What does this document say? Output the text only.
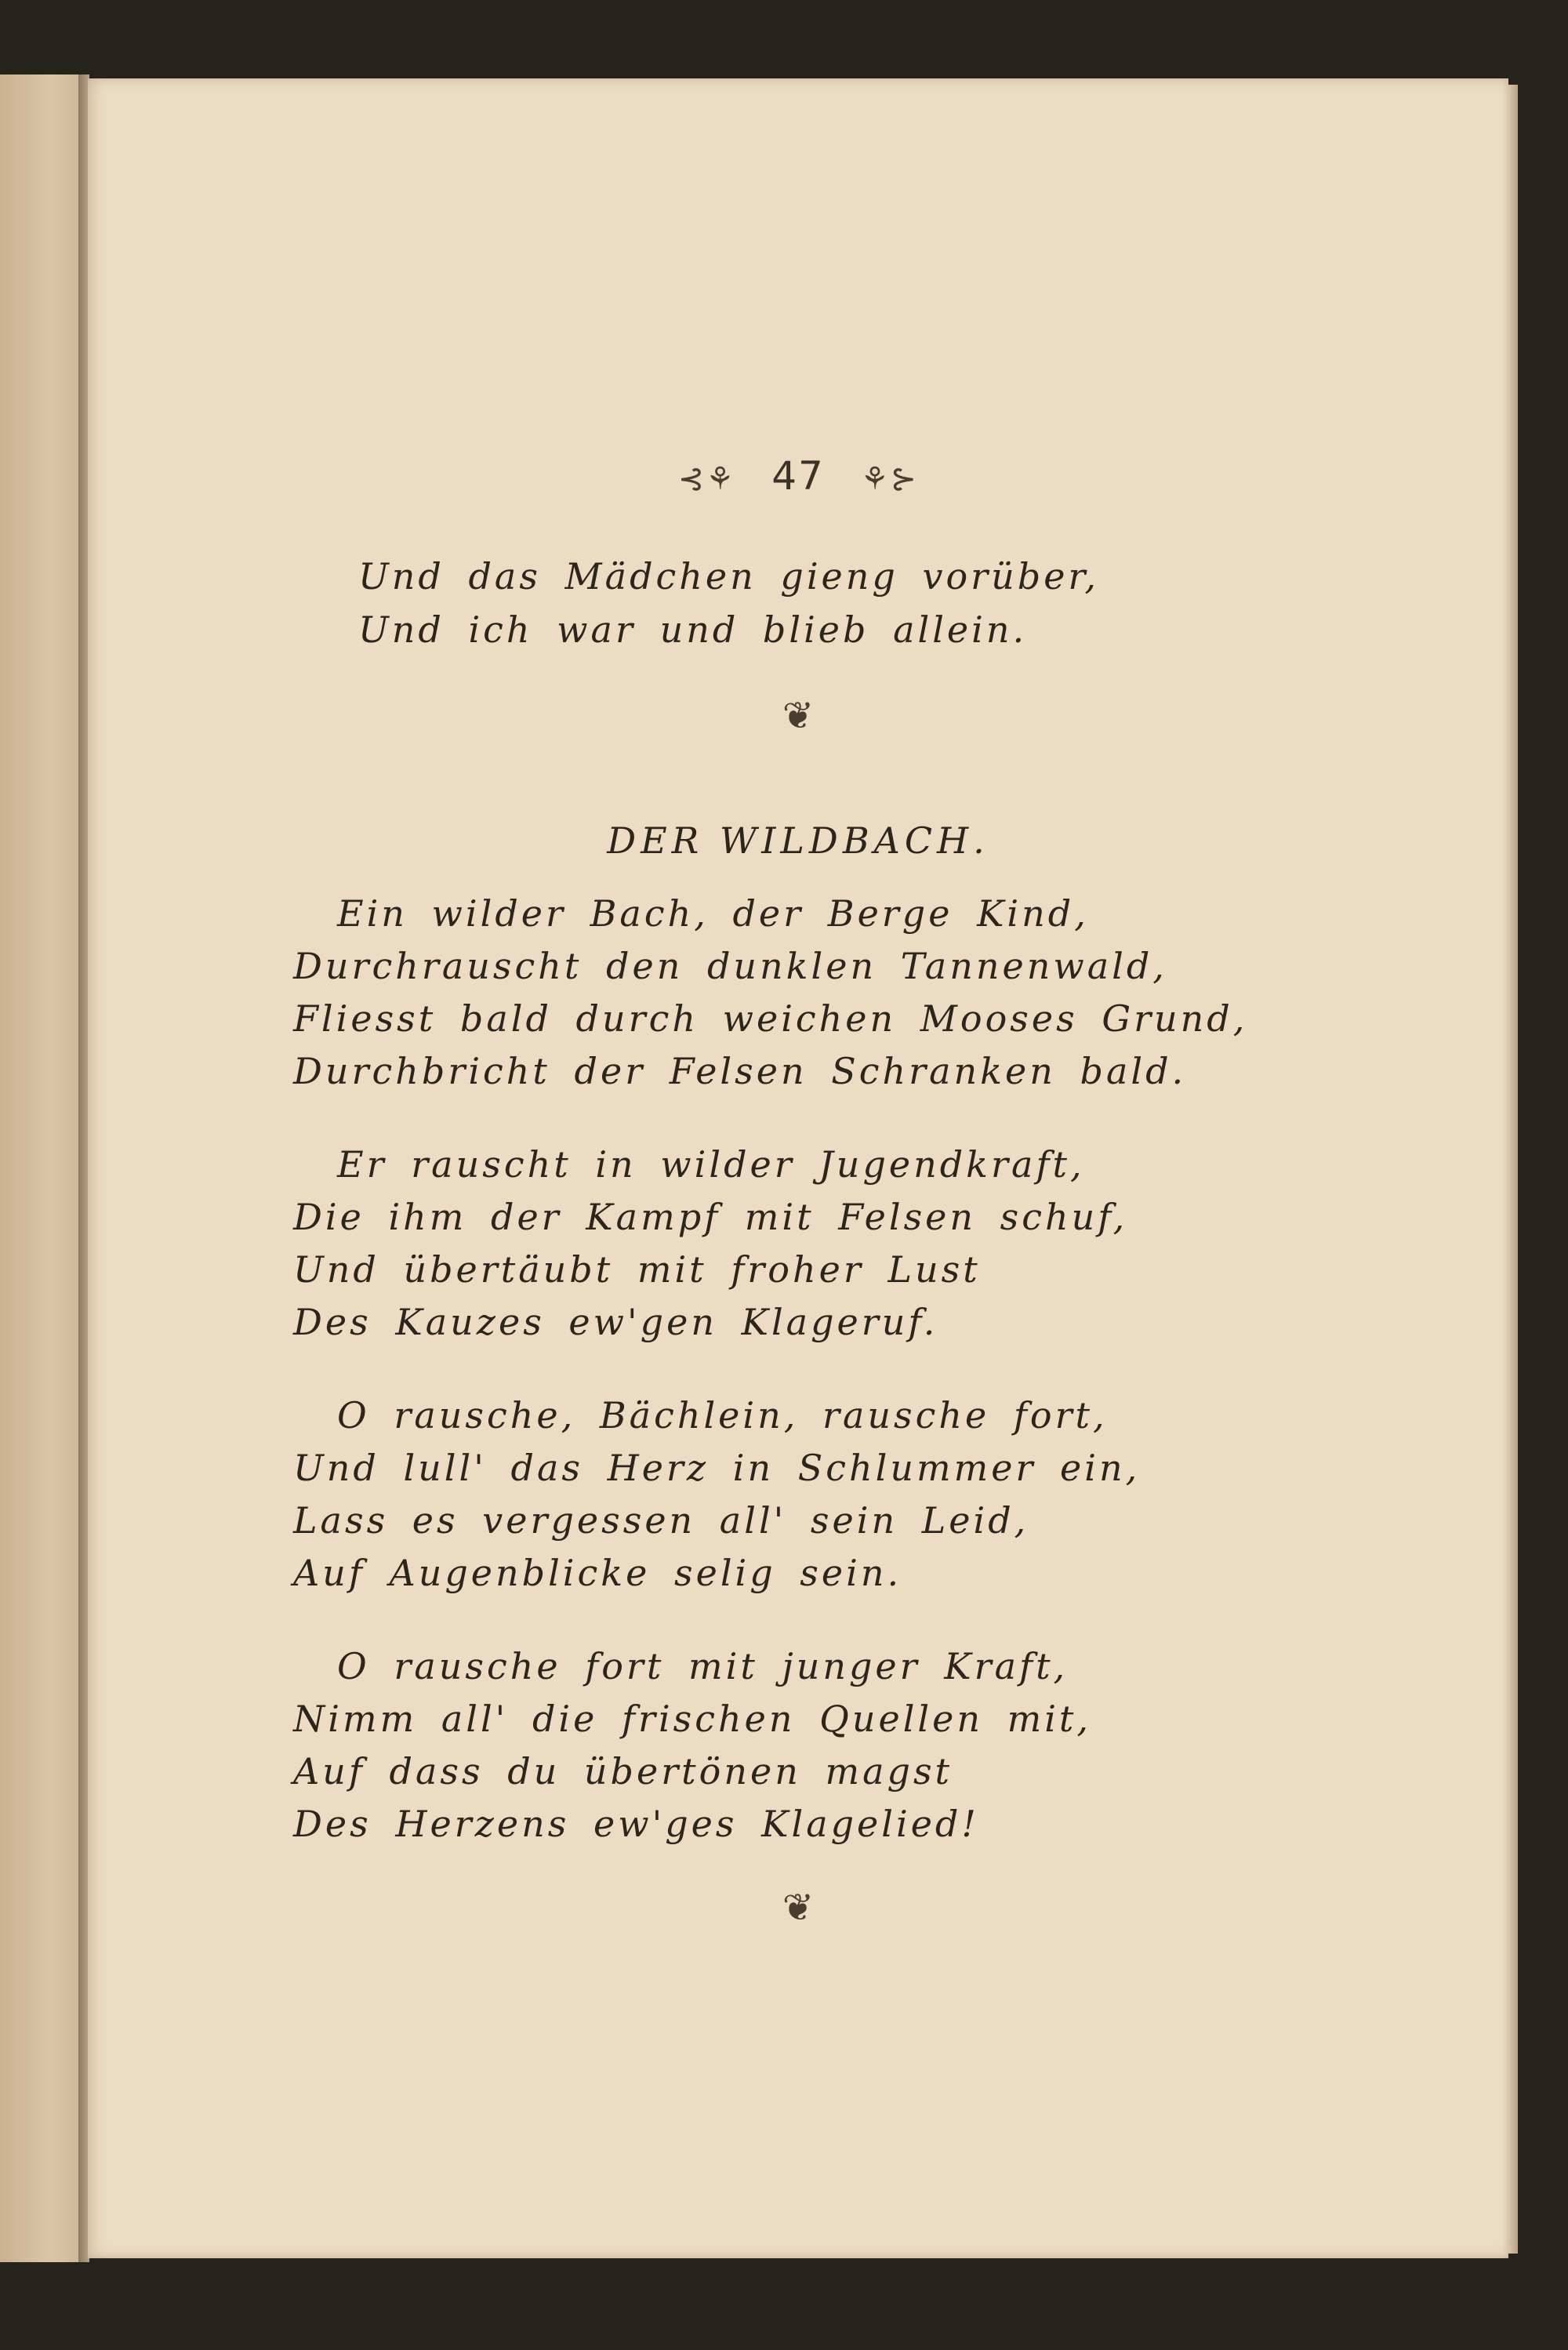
⊰⚘ 47 ⚘⊱
Und das Mädchen gieng vorüber,
Und ich war und blieb allein.
❦
DER WILDBACH.
Ein wilder Bach, der Berge Kind,
Durchrauscht den dunklen Tannenwald,
Fliesst bald durch weichen Mooses Grund,
Durchbricht der Felsen Schranken bald.
Er rauscht in wilder Jugendkraft,
Die ihm der Kampf mit Felsen schuf,
Und übertäubt mit froher Lust
Des Kauzes ew'gen Klageruf.
O rausche, Bächlein, rausche fort,
Und lull' das Herz in Schlummer ein,
Lass es vergessen all' sein Leid,
Auf Augenblicke selig sein.
O rausche fort mit junger Kraft,
Nimm all' die frischen Quellen mit,
Auf dass du übertönen magst
Des Herzens ew'ges Klagelied!
❦
